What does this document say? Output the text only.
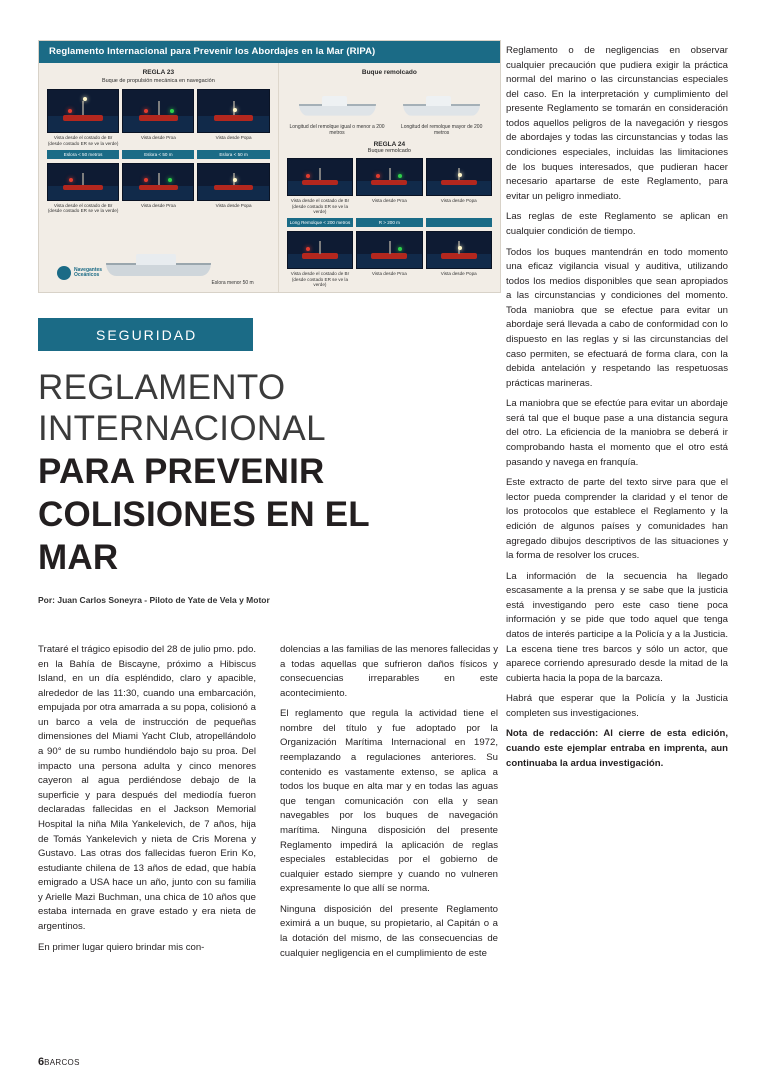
Reglamento Internacional para Prevenir los Abordajes en la Mar (RIPA)
REGLA 23
Buque de propulsión mecánica en navegación
Vista desde el costado de Br (desde costado ER se ve la verde)
Vista desde Proa	Vista desde Popa
Eslora < 50 metros	Eslora < 50 m	Eslora < 50 m
Vista desde el costado de Br (desde costado ER se ve la verde)
Vista desde Proa	Vista desde Popa
Eslora menor 50 m
Navegantes
Oceánicos
Buque remolcado
Longitud del remolque igual o menor a 200 metros
Longitud del remolque mayor de 200 metros
REGLA 24
Buque remolcado
Vista desde el costado de Br (desde costado ER se ve la verde)
Vista desde Proa	Vista desde Popa
Long Remolque < 200 metros	R > 200 m
Vista desde el costado de Br (desde costado ER se ve la verde)
Vista desde Proa	Vista desde Popa
SEGURIDAD
REGLAMENTO
INTERNACIONAL
PARA PREVENIR
COLISIONES EN EL
MAR
Por: Juan Carlos Soneyra - Piloto de Yate de Vela y Motor

Trataré el trágico episodio del 28 de julio pmo. pdo. en la Bahía de Biscayne, próximo a Hibiscus Island, en un día espléndido, claro y apacible, alrededor de las 11:30, cuando una embarcación, empujada por otra amarrada a su popa, colisionó a un barco a vela de instrucción de pequeñas dimensiones del Miami Yacht Club, atropellándolo a 90° de su rumbo hundiéndolo bajo su proa. Del impacto una persona adulta y cinco menores cayeron al agua perdiéndose debajo de la superficie y para después del mediodía fueron declaradas fallecidas en el Jackson Memorial Hospital la niña Mila Yankelevich, de 7 años, hija de Tomás Yankelevich y nieta de Cris Morena y Gustavo. Las otras dos fallecidas fueron Erin Ko, estudiante chilena de 13 años de edad, que había emigrado a USA hace un año, junto con su familia y Arielle Mazi Buchman, una chica de 10 años que estaba internada en grave estado y era nieta de argentinos.

En primer lugar quiero brindar mis con-

dolencias a las familias de las menores fallecidas y a todas aquellas que sufrieron daños físicos y consecuencias irreparables en este acontecimiento.

El reglamento que regula la actividad tiene el nombre del título y fue adoptado por la Organización Marítima Internacional en 1972, reemplazando a regulaciones anteriores. Su contenido es vastamente extenso, se aplica a todos los buque en alta mar y en todas las aguas que tengan comunicación con ella y sean navegables por los buques de navegación marítima. Ninguna disposición del presente Reglamento impedirá la aplicación de reglas especiales establecidas por el gobierno de cualquier estado siempre y cuando no vulneren expresamente lo que allí se norma.

Ninguna disposición del presente Reglamento eximirá a un buque, su propietario, al Capitán o a la dotación del mismo, de las consecuencias de cualquier negligencia en el cumplimiento de este

Reglamento o de negligencias en observar cualquier precaución que pudiera exigir la práctica normal del marino o las circunstancias especiales del caso. En la interpretación y cumplimiento del presente Reglamento se tomarán en consideración todos aquellos peligros de la navegación y riesgos de abordajes y todas las circunstancias y todas las condiciones especiales, incluidas las limitaciones de los buques interesados, que pudieran hacer necesario apartarse de este Reglamento, para evitar un peligro inmediato.

Las reglas de este Reglamento se aplican en cualquier condición de tiempo.

Todos los buques mantendrán en todo momento una eficaz vigilancia visual y auditiva, utilizando todos los medios disponibles que sean apropiados a las circunstancias y condiciones del momento. Toda maniobra que se efectue para evitar un abordaje será llevada a cabo de conformidad con lo dispuesto en las reglas y si las circunstancias del caso permiten, se efectuará de forma clara, con la debida antelación y respetando las respetuosas prácticas marineras.

La maniobra que se efectúe para evitar un abordaje será tal que el buque pase a una distancia segura del otro. La eficiencia de la maniobra se deberá ir comprobando hasta el momento que el otro está pasando y navega en franquía.

Este extracto de parte del texto sirve para que el lector pueda comprender la claridad y el tenor de los protocolos que establece el Reglamento y la edición de algunos países y comunidades han agregado dibujos descriptivos de las situaciones y la forma de resolver los cruces.

La información de la secuencia ha llegado escasamente a la prensa y se sabe que la justicia está investigando pero este caso tiene poca información y se pide que todo aquel que tenga datos de interés participe a la Policía y a la Justicia. La escena tiene tres barcos y sólo un actor, que aparece corriendo apresurado desde la mitad de la cubierta hacia la popa de la barcaza.

Habrá que esperar que la Policía y la Justicia completen sus investigaciones.

Nota de redacción: Al cierre de esta edición, cuando este ejemplar entraba en imprenta, aun continuaba la ardua investigación.

6BARCOS
